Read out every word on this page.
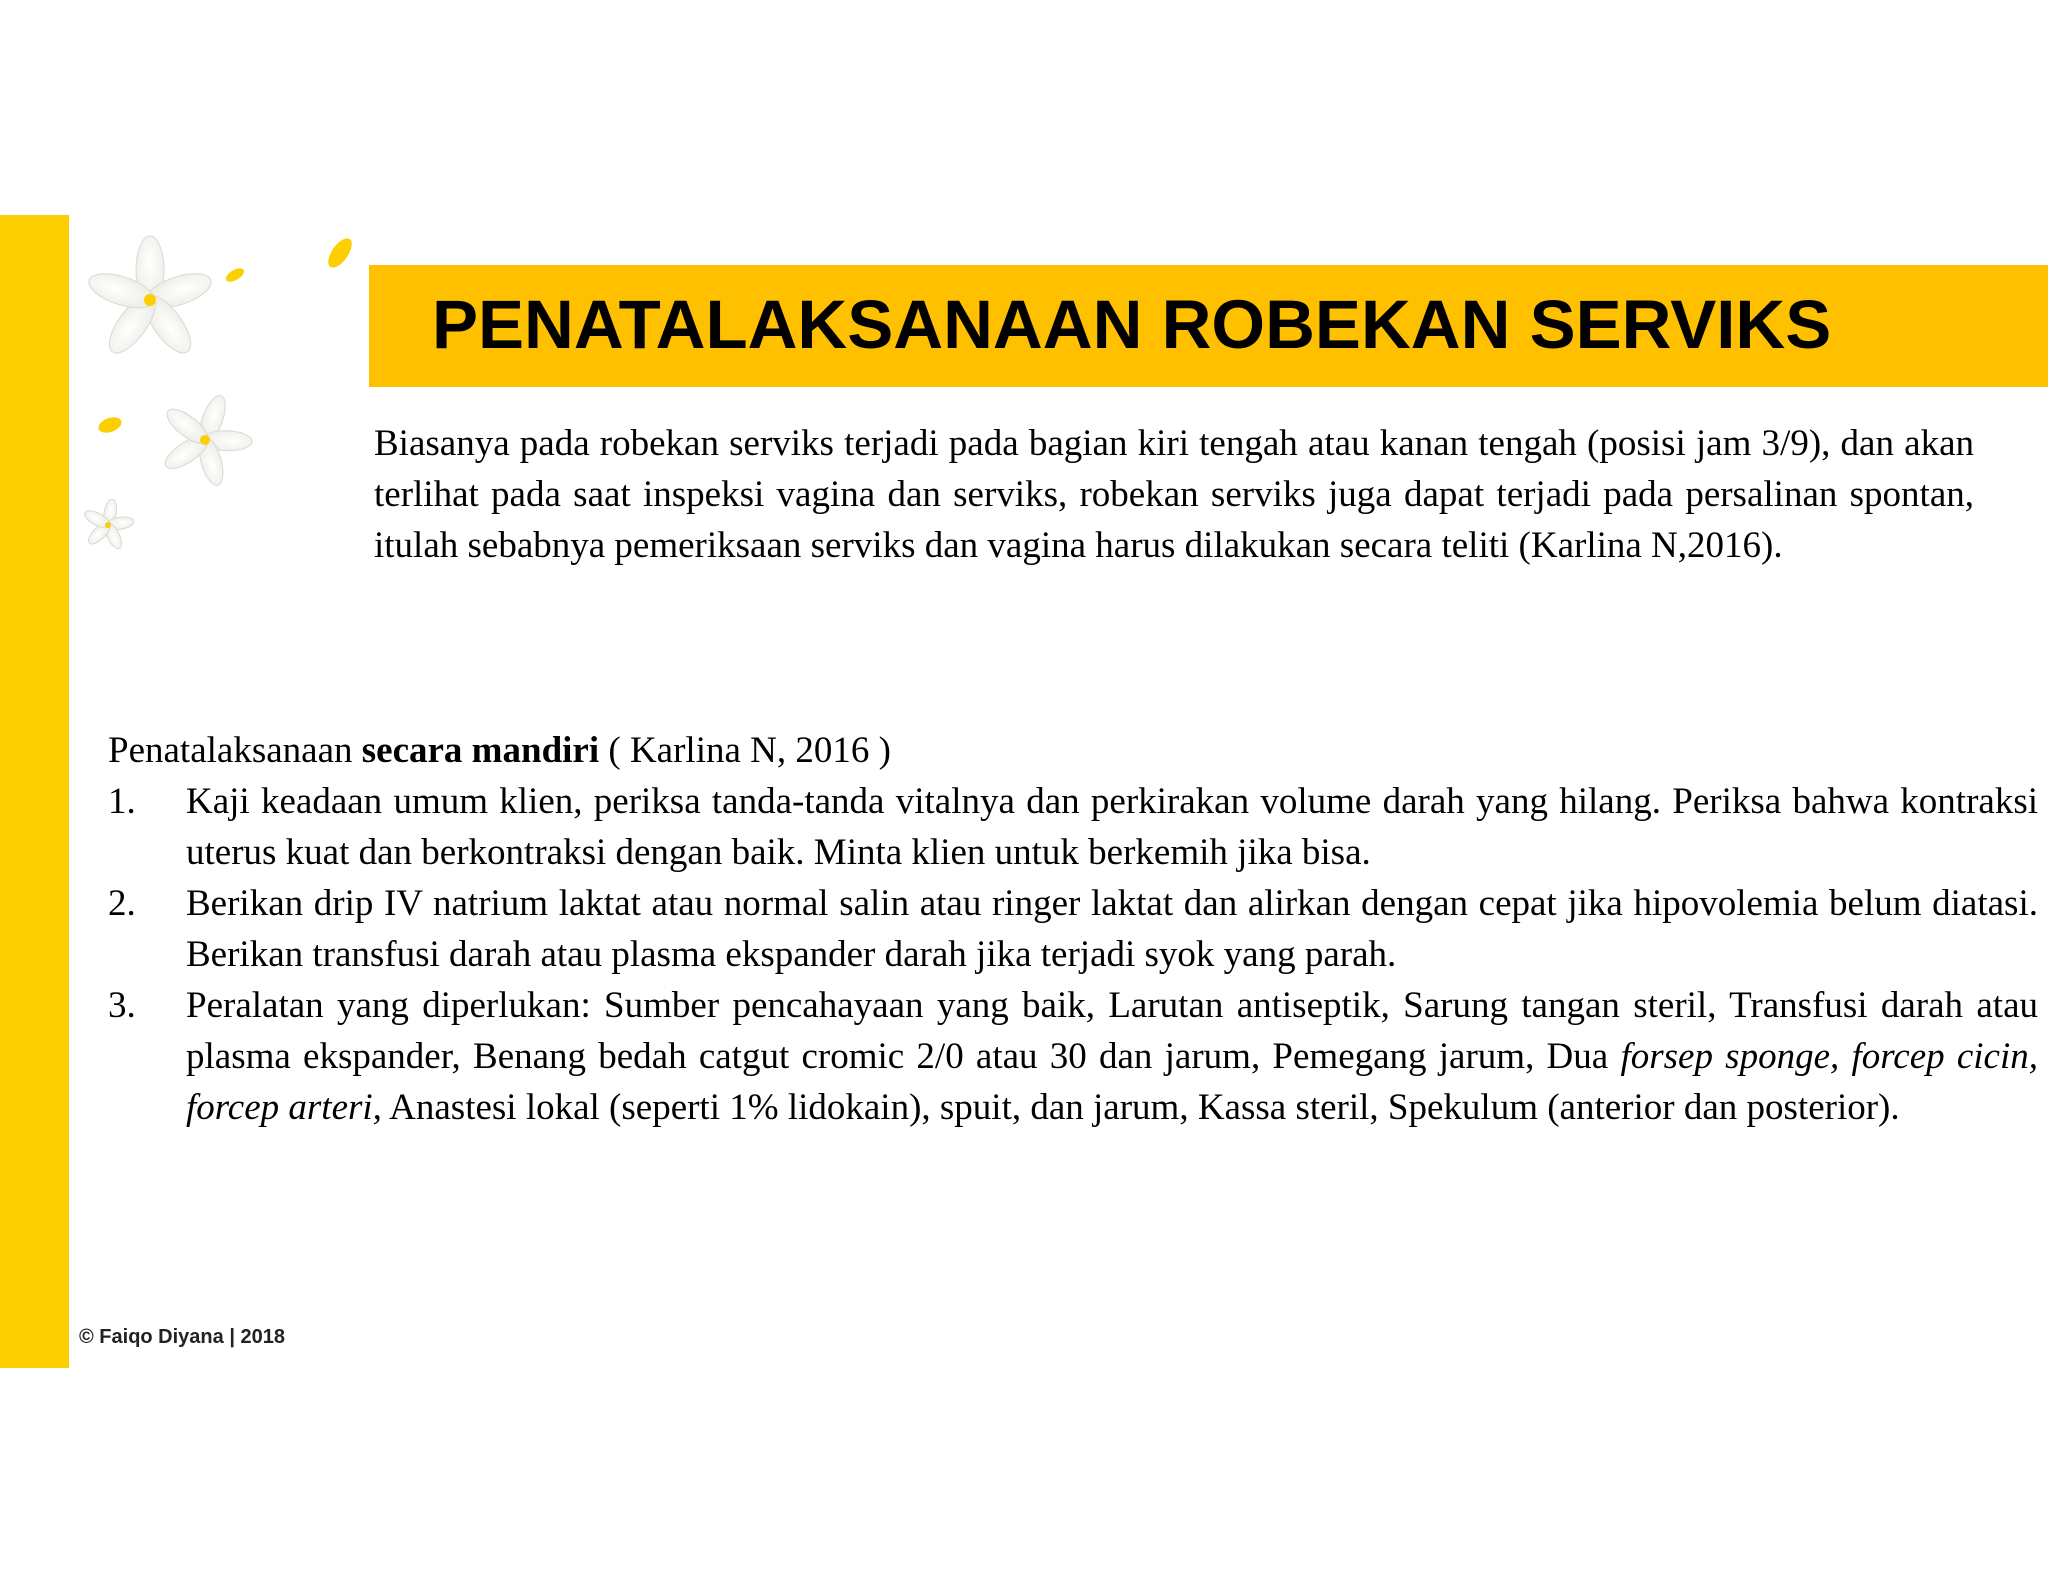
PENATALAKSANAAN ROBEKAN SERVIKS

Biasanya pada robekan serviks terjadi pada bagian kiri tengah atau kanan tengah (posisi jam 3/9), dan akan terlihat pada saat inspeksi vagina dan serviks, robekan serviks juga dapat terjadi pada persalinan spontan, itulah sebabnya pemeriksaan serviks dan vagina harus dilakukan secara teliti (Karlina N,2016).

Penatalaksanaan secara mandiri ( Karlina N, 2016 )

1. Kaji keadaan umum klien, periksa tanda-tanda vitalnya dan perkirakan volume darah yang hilang. Periksa bahwa kontraksi uterus kuat dan berkontraksi dengan baik. Minta klien untuk berkemih jika bisa.
2. Berikan drip IV natrium laktat atau normal salin atau ringer laktat dan alirkan dengan cepat jika hipovolemia belum diatasi. Berikan transfusi darah atau plasma ekspander darah jika terjadi syok yang parah.
3. Peralatan yang diperlukan: Sumber pencahayaan yang baik, Larutan antiseptik, Sarung tangan steril, Transfusi darah atau plasma ekspander, Benang bedah catgut cromic 2/0 atau 30 dan jarum, Pemegang jarum, Dua forsep sponge, forcep cicin, forcep arteri, Anastesi lokal (seperti 1% lidokain), spuit, dan jarum, Kassa steril, Spekulum (anterior dan posterior).
© Faiqo Diyana | 2018
